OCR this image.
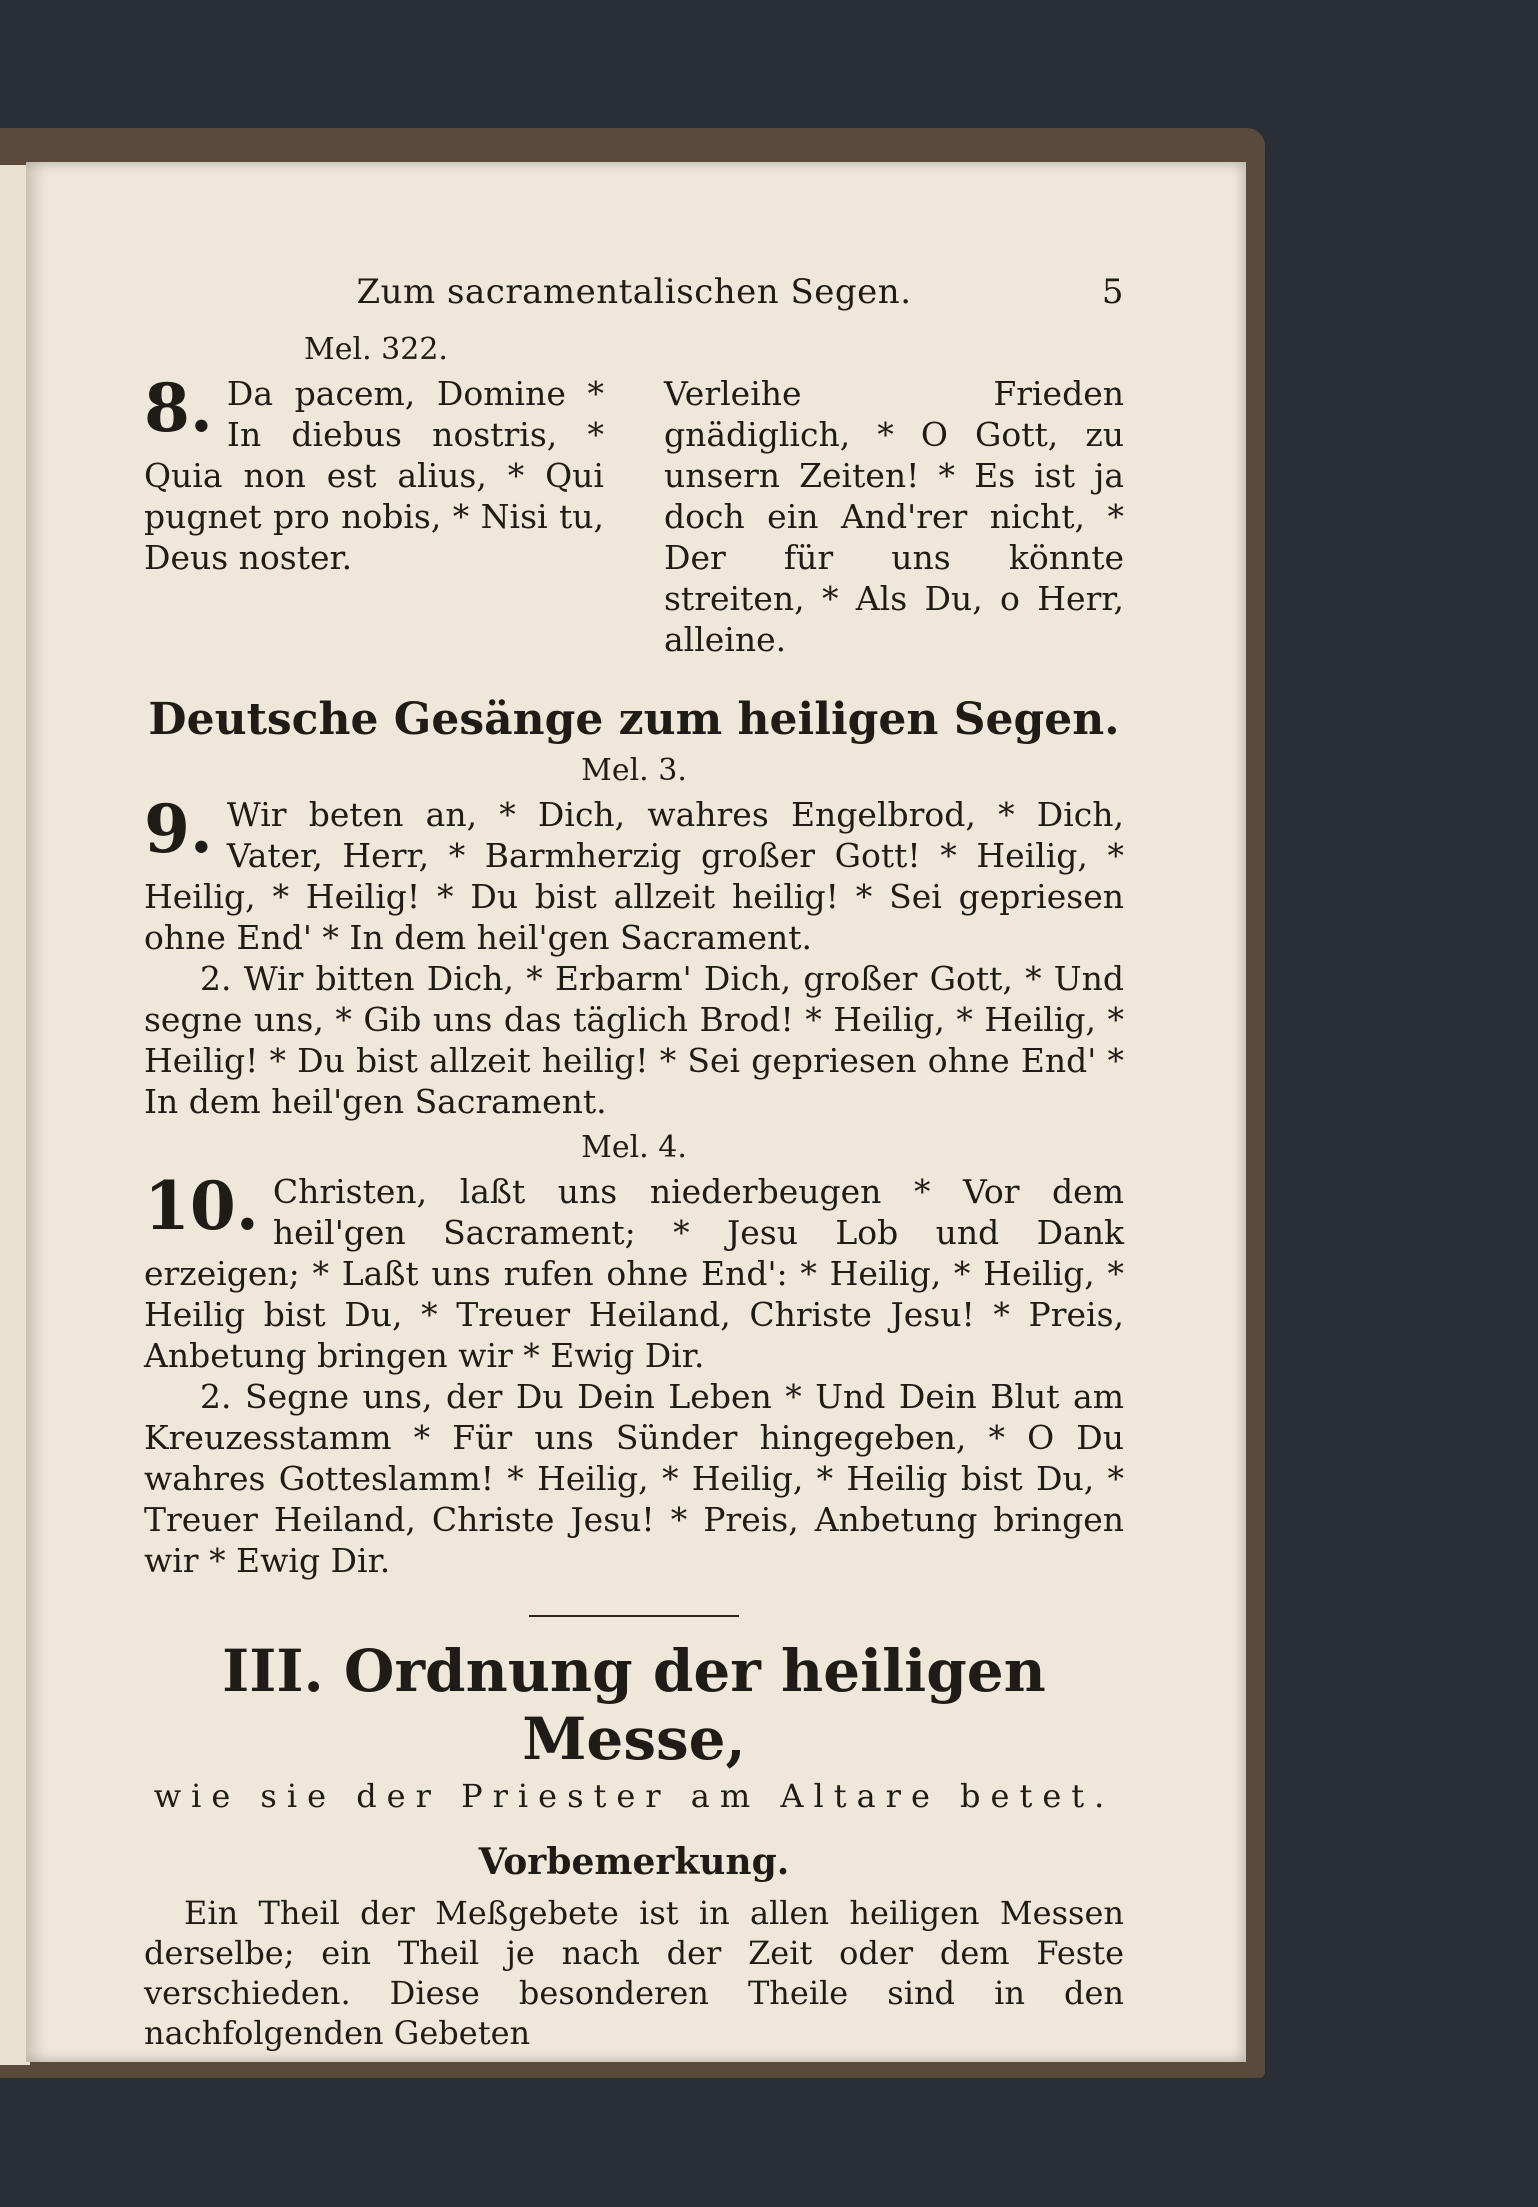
Zum sacramentalischen Segen.	5
Mel. 322.
8. Da pacem, Domine * In diebus nostris, * Quia non est alius, * Qui pugnet pro nobis, * Nisi tu, Deus noster.
Verleihe Frieden gnädiglich, * O Gott, zu unsern Zeiten! * Es ist ja doch ein And'rer nicht, * Der für uns könnte streiten, * Als Du, o Herr, alleine.
Deutsche Gesänge zum heiligen Segen.
Mel. 3.

9. Wir beten an, * Dich, wahres Engelbrod, * Dich, Vater, Herr, * Barmherzig großer Gott! * Heilig, * Heilig, * Heilig! * Du bist allzeit heilig! * Sei gepriesen ohne End' * In dem heil'gen Sacrament.

2. Wir bitten Dich, * Erbarm' Dich, großer Gott, * Und segne uns, * Gib uns das täglich Brod! * Heilig, * Heilig, * Heilig! * Du bist allzeit heilig! * Sei gepriesen ohne End' * In dem heil'gen Sacrament.

Mel. 4.

10. Christen, laßt uns niederbeugen * Vor dem heil'gen Sacrament; * Jesu Lob und Dank erzeigen; * Laßt uns rufen ohne End': * Heilig, * Heilig, * Heilig bist Du, * Treuer Heiland, Christe Jesu! * Preis, Anbetung bringen wir * Ewig Dir.

2. Segne uns, der Du Dein Leben * Und Dein Blut am Kreuzesstamm * Für uns Sünder hingegeben, * O Du wahres Gotteslamm! * Heilig, * Heilig, * Heilig bist Du, * Treuer Heiland, Christe Jesu! * Preis, Anbetung bringen wir * Ewig Dir.

III. Ordnung der heiligen Messe,
wie sie der Priester am Altare betet.
Vorbemerkung.
Ein Theil der Meßgebete ist in allen heiligen Messen derselbe; ein Theil je nach der Zeit oder dem Feste verschieden. Diese besonderen Theile sind in den nachfolgenden Gebeten
